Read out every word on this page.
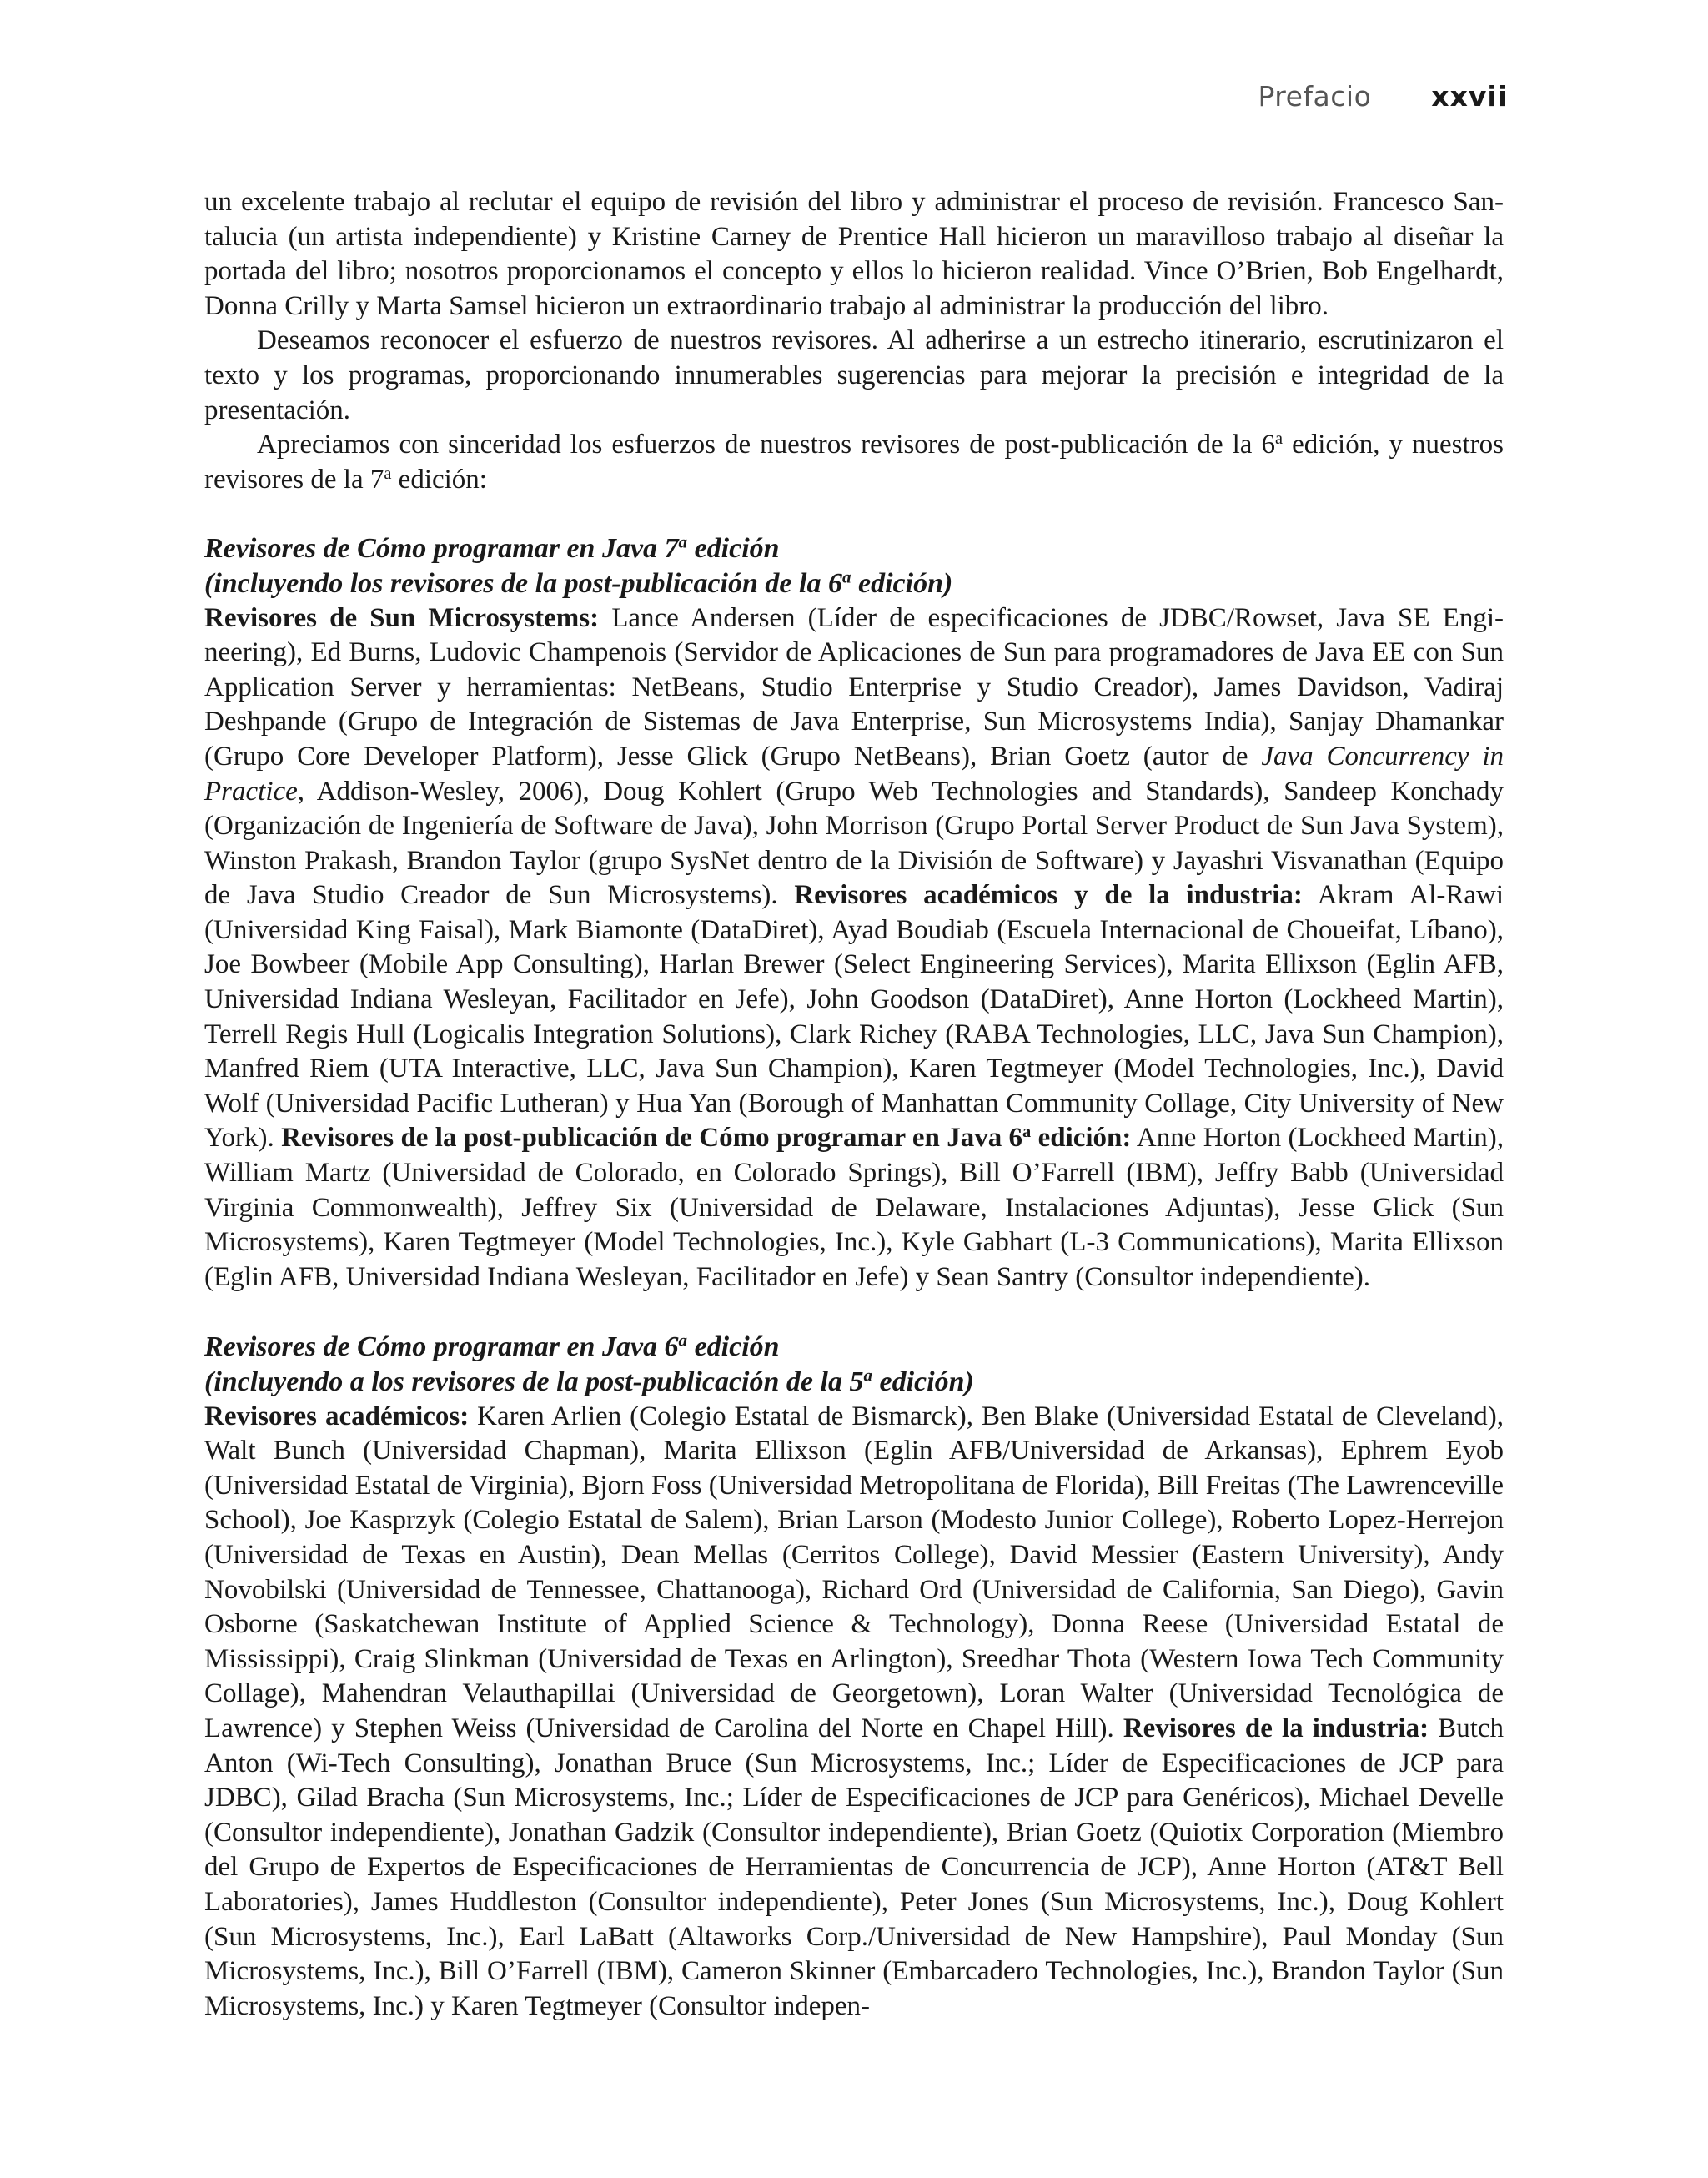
Prefacio xxvii

un excelente trabajo al reclutar el equipo de revisión del libro y administrar el proceso de revisión. Francesco Santalucia (un artista independiente) y Kristine Carney de Prentice Hall hicieron un maravilloso trabajo al diseñar la portada del libro; nosotros proporcionamos el concepto y ellos lo hicieron realidad. Vince O’Brien, Bob Engelhardt, Donna Crilly y Marta Samsel hicieron un extraordinario trabajo al administrar la producción del libro.

Deseamos reconocer el esfuerzo de nuestros revisores. Al adherirse a un estrecho itinerario, escrutinizaron el texto y los programas, proporcionando innumerables sugerencias para mejorar la precisión e integridad de la presentación.

Apreciamos con sinceridad los esfuerzos de nuestros revisores de post-publicación de la 6$^a$ edición, y nuestros revisores de la 7$^a$ edición:

Revisores de Cómo programar en Java 7$^a$ edición

(incluyendo los revisores de la post-publicación de la 6$^a$ edición)

Revisores de Sun Microsystems: Lance Andersen (Líder de especificaciones de JDBC/Rowset, Java SE Engineering), Ed Burns, Ludovic Champenois (Servidor de Aplicaciones de Sun para programadores de Java EE con Sun Application Server y herramientas: NetBeans, Studio Enterprise y Studio Creador), James Davidson, Vadiraj Deshpande (Grupo de Integración de Sistemas de Java Enterprise, Sun Microsystems India), Sanjay Dhamankar (Grupo Core Developer Platform), Jesse Glick (Grupo NetBeans), Brian Goetz (autor de Java Concurrency in Practice, Addison-Wesley, 2006), Doug Kohlert (Grupo Web Technologies and Standards), Sandeep Konchady (Organización de Ingeniería de Software de Java), John Morrison (Grupo Portal Server Product de Sun Java System), Winston Prakash, Brandon Taylor (grupo SysNet dentro de la División de Software) y Jayashri Visvanathan (Equipo de Java Studio Creador de Sun Microsystems). Revisores académicos y de la industria: Akram Al-Rawi (Universidad King Faisal), Mark Biamonte (DataDiret), Ayad Boudiab (Escuela Internacional de Choueifat, Líbano), Joe Bowbeer (Mobile App Consulting), Harlan Brewer (Select Engineering Services), Marita Ellixson (Eglin AFB, Universidad Indiana Wesleyan, Facilitador en Jefe), John Goodson (DataDiret), Anne Horton (Lockheed Martin), Terrell Regis Hull (Logicalis Integration Solutions), Clark Richey (RABA Technologies, LLC, Java Sun Champion), Manfred Riem (UTA Interactive, LLC, Java Sun Champion), Karen Tegtmeyer (Model Technologies, Inc.), David Wolf (Universidad Pacific Lutheran) y Hua Yan (Borough of Manhattan Community Collage, City University of New York). Revisores de la post-publicación de Cómo programar en Java 6$^a$ edición: Anne Horton (Lockheed Martin), William Martz (Universidad de Colorado, en Colorado Springs), Bill O’Farrell (IBM), Jeffry Babb (Universidad Virginia Commonwealth), Jeffrey Six (Universidad de Delaware, Instalaciones Adjuntas), Jesse Glick (Sun Microsystems), Karen Tegtmeyer (Model Technologies, Inc.), Kyle Gabhart (L-3 Communications), Marita Ellixson (Eglin AFB, Universidad Indiana Wesleyan, Facilitador en Jefe) y Sean Santry (Consultor independiente).

Revisores de Cómo programar en Java 6$^a$ edición

(incluyendo a los revisores de la post-publicación de la 5$^a$ edición)

Revisores académicos: Karen Arlien (Colegio Estatal de Bismarck), Ben Blake (Universidad Estatal de Cleveland), Walt Bunch (Universidad Chapman), Marita Ellixson (Eglin AFB/Universidad de Arkansas), Ephrem Eyob (Universidad Estatal de Virginia), Bjorn Foss (Universidad Metropolitana de Florida), Bill Freitas (The Lawrenceville School), Joe Kasprzyk (Colegio Estatal de Salem), Brian Larson (Modesto Junior College), Roberto Lopez-Herrejon (Universidad de Texas en Austin), Dean Mellas (Cerritos College), David Messier (Eastern University), Andy Novobilski (Universidad de Tennessee, Chattanooga), Richard Ord (Universidad de California, San Diego), Gavin Osborne (Saskatchewan Institute of Applied Science & Technology), Donna Reese (Universidad Estatal de Mississippi), Craig Slinkman (Universidad de Texas en Arlington), Sreedhar Thota (Western Iowa Tech Community Collage), Mahendran Velauthapillai (Universidad de Georgetown), Loran Walter (Universidad Tecnológica de Lawrence) y Stephen Weiss (Universidad de Carolina del Norte en Chapel Hill). Revisores de la industria: Butch Anton (Wi-Tech Consulting), Jonathan Bruce (Sun Microsystems, Inc.; Líder de Especificaciones de JCP para JDBC), Gilad Bracha (Sun Microsystems, Inc.; Líder de Especificaciones de JCP para Genéricos), Michael Develle (Consultor independiente), Jonathan Gadzik (Consultor independiente), Brian Goetz (Quiotix Corporation (Miembro del Grupo de Expertos de Especificaciones de Herramientas de Concurrencia de JCP), Anne Horton (AT&T Bell Laboratories), James Huddleston (Consultor independiente), Peter Jones (Sun Microsystems, Inc.), Doug Kohlert (Sun Microsystems, Inc.), Earl LaBatt (Altaworks Corp./Universidad de New Hampshire), Paul Monday (Sun Microsystems, Inc.), Bill O’Farrell (IBM), Cameron Skinner (Embarcadero Technologies, Inc.), Brandon Taylor (Sun Microsystems, Inc.) y Karen Tegtmeyer (Consultor indepen-
